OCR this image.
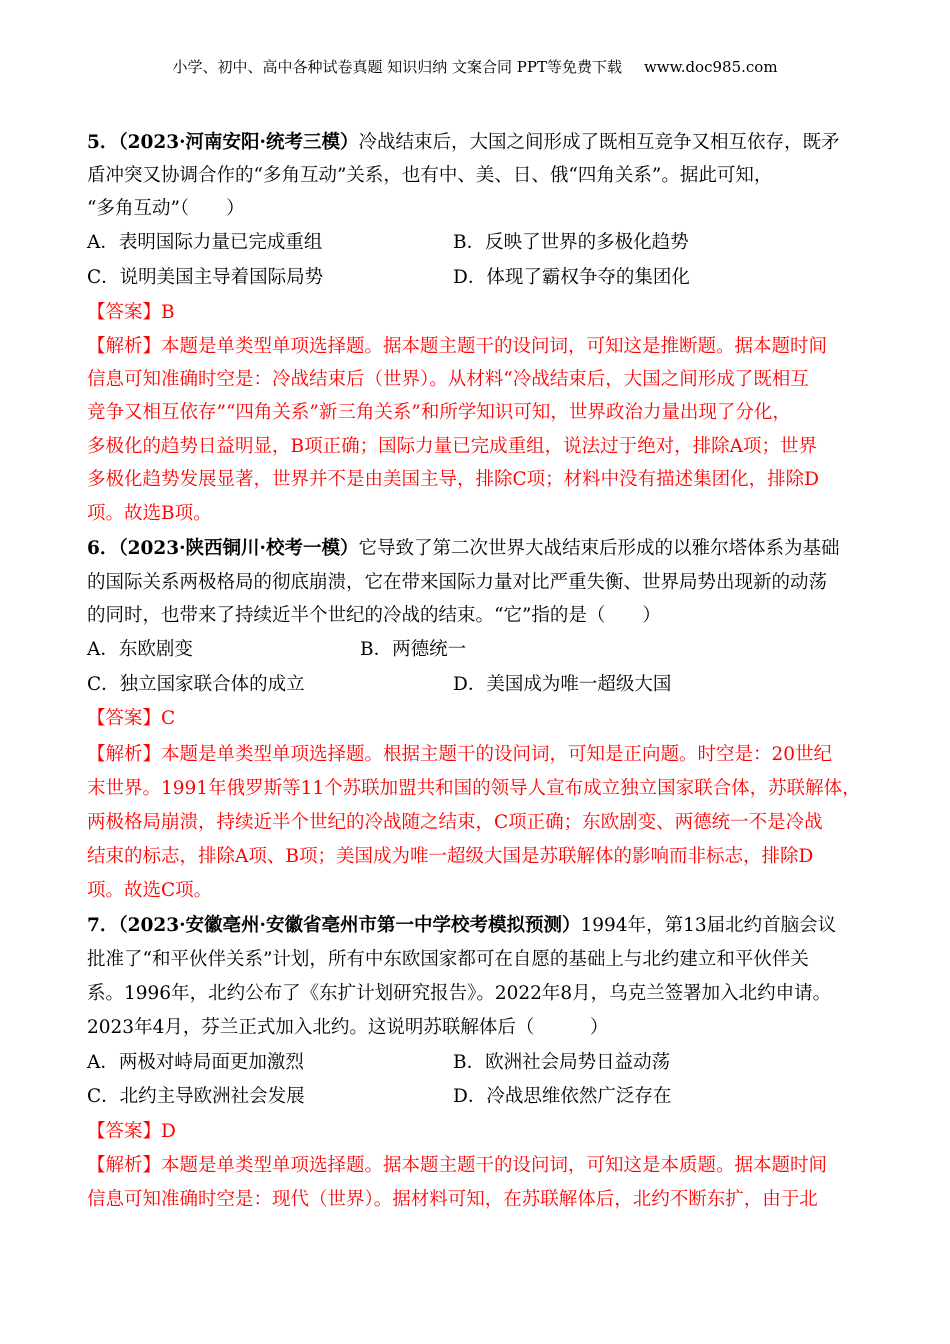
小学、初中、高中各种试卷真题 知识归纳 文案合同 PPT等免费下载 www.doc985.com
5．（2023·河南安阳·统考三模）冷战结束后，大国之间形成了既相互竞争又相互依存，既矛
盾冲突又协调合作的“多角互动”关系，也有中、美、日、俄“四角关系”。据此可知，
“多角互动”（　　）
A．表明国际力量已完成重组	B．反映了世界的多极化趋势
C．说明美国主导着国际局势	D．体现了霸权争夺的集团化
【答案】B
【解析】本题是单类型单项选择题。据本题主题干的设问词，可知这是推断题。据本题时间
信息可知准确时空是：冷战结束后（世界）。从材料“冷战结束后，大国之间形成了既相互
竞争又相互依存”“四角关系”新三角关系”和所学知识可知，世界政治力量出现了分化，
多极化的趋势日益明显，B项正确；国际力量已完成重组，说法过于绝对，排除A项；世界
多极化趋势发展显著，世界并不是由美国主导，排除C项；材料中没有描述集团化，排除D
项。故选B项。
6．（2023·陕西铜川·校考一模）它导致了第二次世界大战结束后形成的以雅尔塔体系为基础
的国际关系两极格局的彻底崩溃，它在带来国际力量对比严重失衡、世界局势出现新的动荡
的同时，也带来了持续近半个世纪的冷战的结束。“它”指的是（　　）
A．东欧剧变	B．两德统一
C．独立国家联合体的成立	D．美国成为唯一超级大国
【答案】C
【解析】本题是单类型单项选择题。根据主题干的设问词，可知是正向题。时空是：20世纪
末世界。1991年俄罗斯等11个苏联加盟共和国的领导人宣布成立独立国家联合体，苏联解体，
两极格局崩溃，持续近半个世纪的冷战随之结束，C项正确；东欧剧变、两德统一不是冷战
结束的标志，排除A项、B项；美国成为唯一超级大国是苏联解体的影响而非标志，排除D
项。故选C项。
7．（2023·安徽亳州·安徽省亳州市第一中学校考模拟预测）1994年，第13届北约首脑会议
批准了“和平伙伴关系”计划，所有中东欧国家都可在自愿的基础上与北约建立和平伙伴关
系。1996年，北约公布了《东扩计划研究报告》。2022年8月，乌克兰签署加入北约申请。
2023年4月，芬兰正式加入北约。这说明苏联解体后（　　　）
A．两极对峙局面更加激烈	B．欧洲社会局势日益动荡
C．北约主导欧洲社会发展	D．冷战思维依然广泛存在
【答案】D
【解析】本题是单类型单项选择题。据本题主题干的设问词，可知这是本质题。据本题时间
信息可知准确时空是：现代（世界）。据材料可知，在苏联解体后，北约不断东扩，由于北
